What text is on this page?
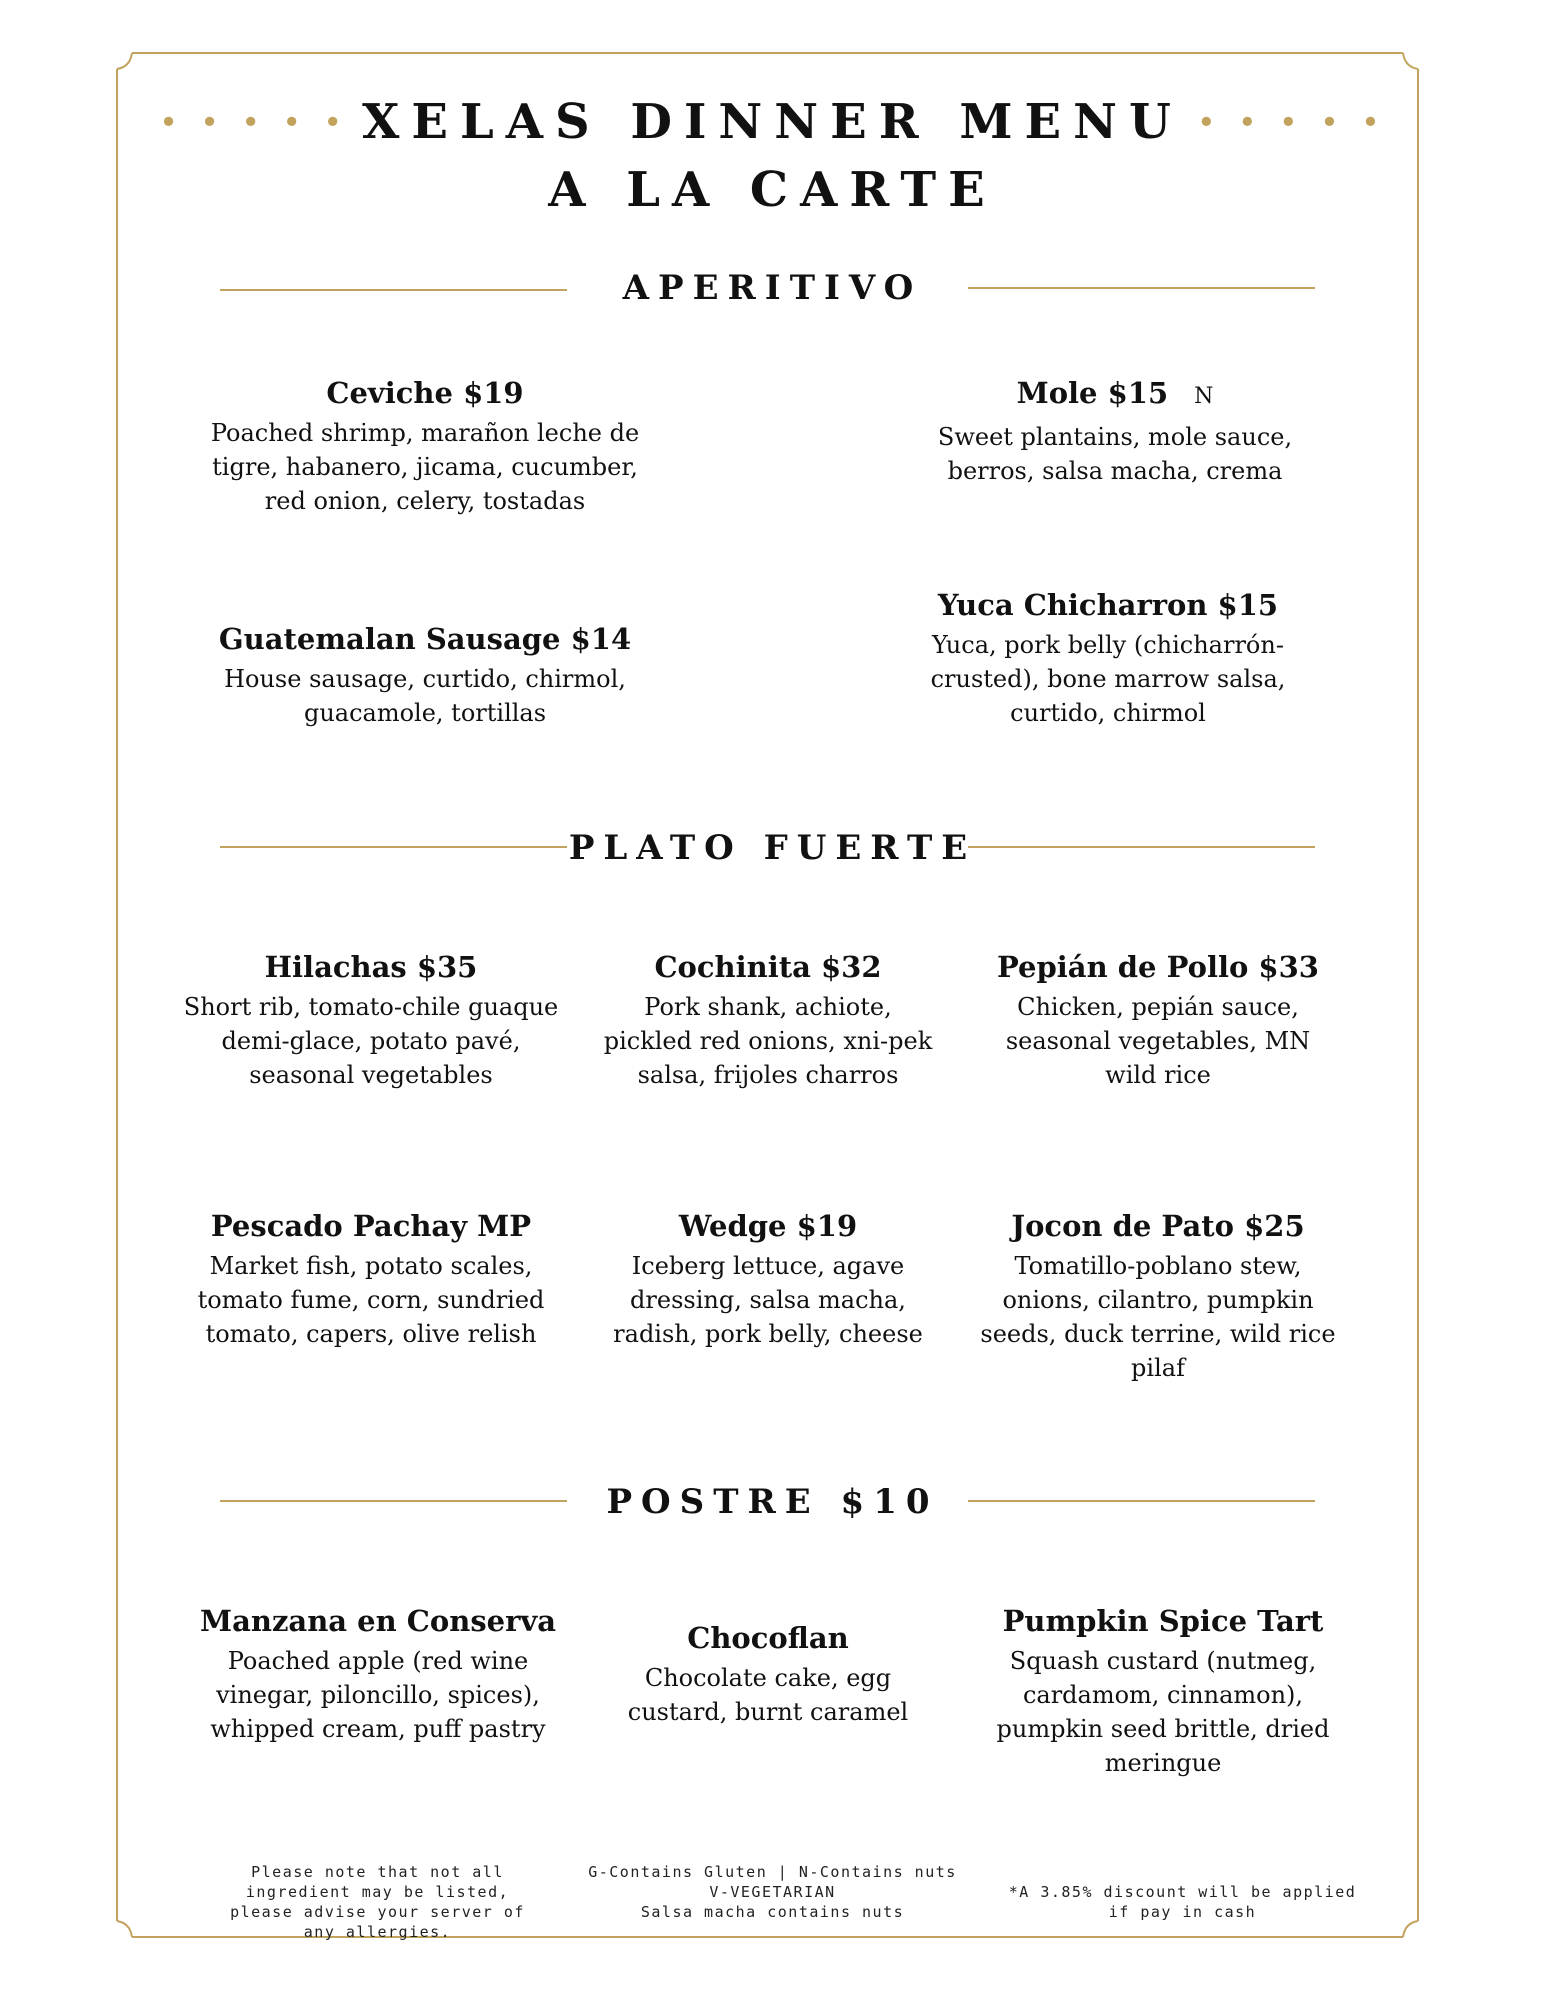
• • • • • XELAS DINNER MENU • • • • •
A LA CARTE
APERITIVO
Ceviche $19
Poached shrimp, marañon leche de tigre, habanero, jicama, cucumber, red onion, celery, tostadas
Mole $15 N
Sweet plantains, mole sauce, berros, salsa macha, crema
Guatemalan Sausage $14
House sausage, curtido, chirmol, guacamole, tortillas
Yuca Chicharron $15
Yuca, pork belly (chicharrón-crusted), bone marrow salsa, curtido, chirmol
PLATO FUERTE
Hilachas $35
Short rib, tomato-chile guaque demi-glace, potato pavé, seasonal vegetables
Cochinita $32
Pork shank, achiote, pickled red onions, xni-pek salsa, frijoles charros
Pepián de Pollo $33
Chicken, pepián sauce, seasonal vegetables, MN wild rice
Pescado Pachay MP
Market fish, potato scales, tomato fume, corn, sundried tomato, capers, olive relish
Wedge $19
Iceberg lettuce, agave dressing, salsa macha, radish, pork belly, cheese
Jocon de Pato $25
Tomatillo-poblano stew, onions, cilantro, pumpkin seeds, duck terrine, wild rice pilaf
POSTRE $10
Manzana en Conserva
Poached apple (red wine vinegar, piloncillo, spices), whipped cream, puff pastry
Chocoflan
Chocolate cake, egg custard, burnt caramel
Pumpkin Spice Tart
Squash custard (nutmeg, cardamom, cinnamon), pumpkin seed brittle, dried meringue
Please note that not all ingredient may be listed, please advise your server of any allergies.
G-Contains Gluten | N-Contains nuts
V-VEGETARIAN
Salsa macha contains nuts
*A 3.85% discount will be applied if pay in cash
